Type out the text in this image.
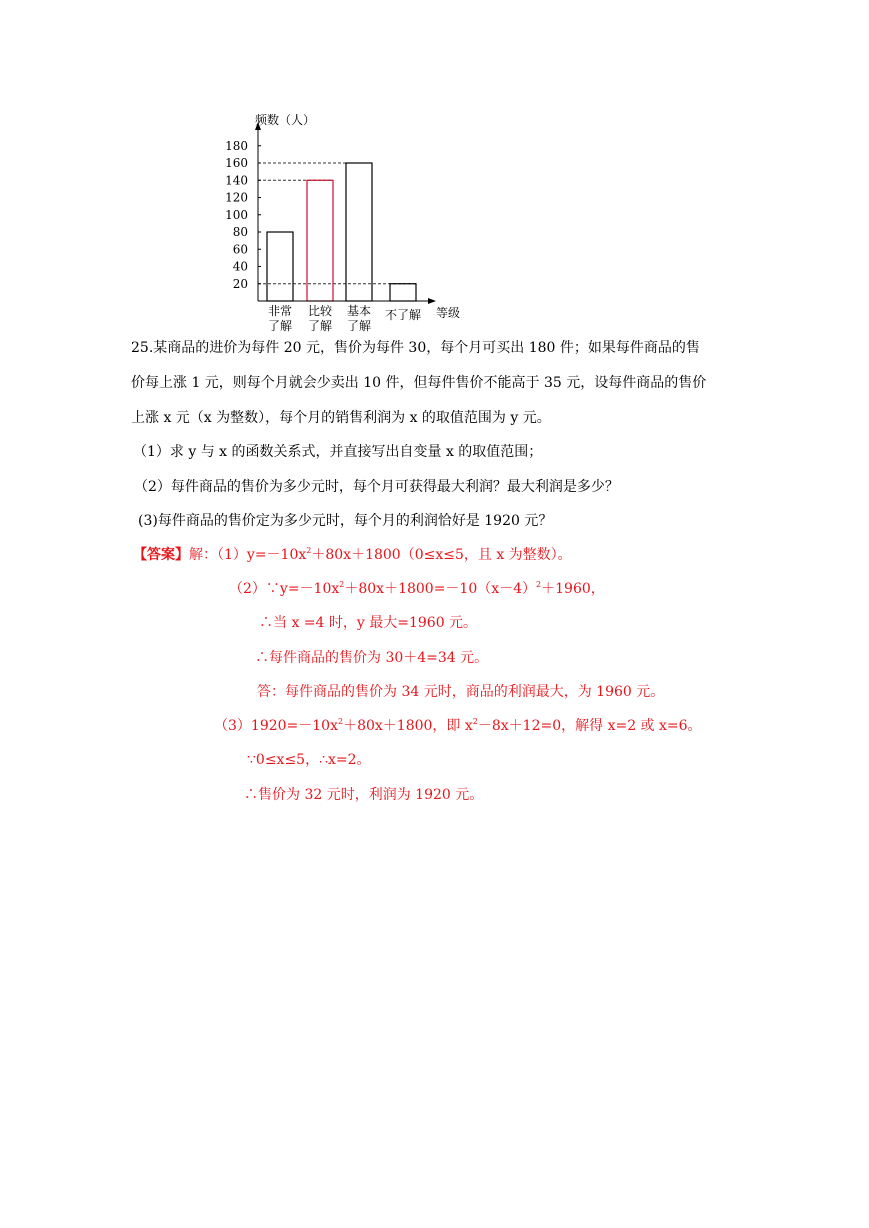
20
40
60
80
100
120
140
160
180
频数（人）
等级
非常
了解
比较
了解
基本
了解
不了解
25.某商品的进价为每件 20 元，售价为每件 30，每个月可买出 180 件；如果每件商品的售
价每上涨 1 元，则每个月就会少卖出 10 件，但每件售价不能高于 35 元，设每件商品的售价
上涨 x 元（x 为整数），每个月的销售利润为 x 的取值范围为 y 元。
（1）求 y 与 x 的函数关系式，并直接写出自变量 x 的取值范围；
（2）每件商品的售价为多少元时，每个月可获得最大利润？最大利润是多少？
(3)每件商品的售价定为多少元时，每个月的利润恰好是 1920 元？
【答案】解：$(1)y=-10x^2+80x+1800(0\le x\le 5$，且 x 为整数）。
$(2)\because y=-10x^2+80x+1800=-10(x-4)^2+1960$，
∴当 x =4 时，y 最大=1960 元。
∴每件商品的售价为 30＋4=34 元。
答：每件商品的售价为 34 元时，商品的利润最大，为 1960 元。
$(3)1920=-10x^2+80x+1800$，即 $x^2-8x+12=0$，解得 x=2 或 x=6。
∵0≤x≤5，∴x=2。
∴售价为 32 元时，利润为 1920 元。
